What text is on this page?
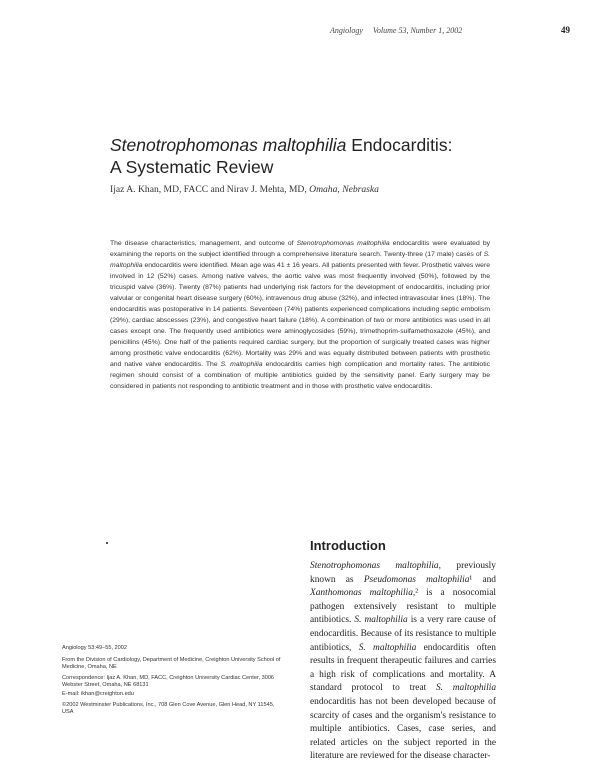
Angiology Volume 53, Number 1, 2002	49
Stenotrophomonas maltophilia Endocarditis:
A Systematic Review
Ijaz A. Khan, MD, FACC and Nirav J. Mehta, MD, Omaha, Nebraska
The disease characteristics, management, and outcome of Stenotrophomonas maltophilia endocarditis were evaluated by examining the reports on the subject identified through a comprehensive literature search. Twenty-three (17 male) cases of S. maltophilia endocarditis were identified. Mean age was 41 ± 16 years. All patients presented with fever. Prosthetic valves were involved in 12 (52%) cases. Among native valves, the aortic valve was most frequently involved (50%), followed by the tricuspid valve (36%). Twenty (87%) patients had underlying risk factors for the development of endocarditis, including prior valvular or congenital heart disease surgery (60%), intravenous drug abuse (32%), and infected intravascular lines (18%). The endocarditis was postoperative in 14 patients. Seventeen (74%) patients experienced complications including septic embolism (29%), cardiac abscesses (23%), and congestive heart failure (18%). A combination of two or more antibiotics was used in all cases except one. The frequently used antibiotics were aminoglycosides (59%), trimethoprim-sulfamethoxazole (45%), and penicillins (45%). One half of the patients required cardiac surgery, but the proportion of surgically treated cases was higher among prosthetic valve endocarditis (62%). Mortality was 29% and was equally distributed between patients with prosthetic and native valve endocarditis. The S. maltophilia endocarditis carries high complication and mortality rates. The antibiotic regimen should consist of a combination of multiple antibiotics guided by the sensitivity panel. Early surgery may be considered in patients not responding to antibiotic treatment and in those with prosthetic valve endocarditis.
Introduction
Stenotrophomonas maltophilia, previously known as Pseudomonas maltophilia¹ and Xanthomonas maltophilia,² is a nosocomial pathogen extensively resistant to multiple antibiotics. S. maltophilia is a very rare cause of endocarditis. Because of its resistance to multiple antibiotics, S. maltophilia endocarditis often results in frequent therapeutic failures and carries a high risk of complications and mortality. A standard protocol to treat S. maltophilia endocarditis has not been developed because of scarcity of cases and the organism's resistance to multiple antibiotics. Cases, case series, and related articles on the subject reported in the literature are reviewed for the disease character-

Angiology 53:49–55, 2002

From the Division of Cardiology, Department of Medicine, Creighton University School of Medicine, Omaha, NE

Correspondence: Ijaz A. Khan, MD, FACC, Creighton University Cardiac Center, 3006 Webster Street, Omaha, NE 68131

E-mail: ikhan@creighton.edu

©2002 Westminster Publications, Inc., 708 Glen Cove Avenue, Glen Head, NY 11545, USA
